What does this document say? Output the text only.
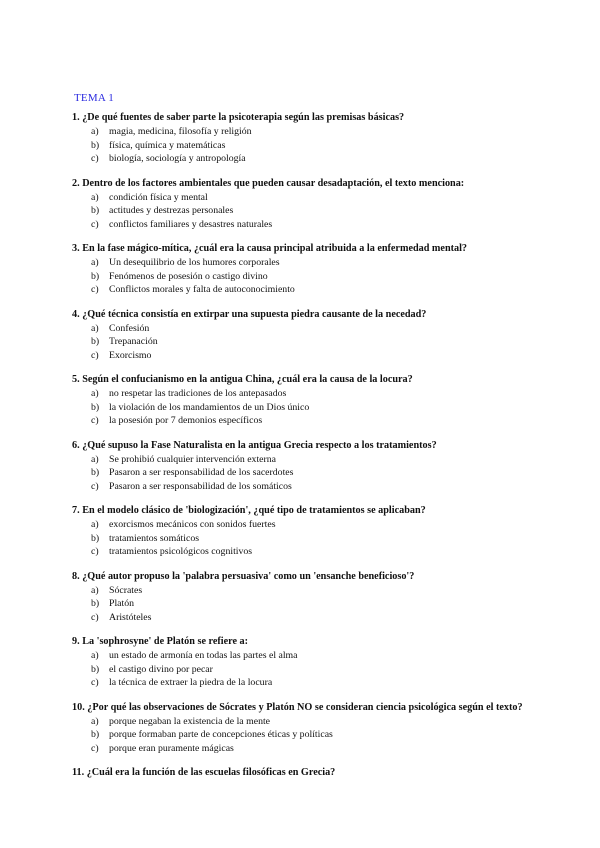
TEMA 1
1. ¿De qué fuentes de saber parte la psicoterapia según las premisas básicas?
a)	magia, medicina, filosofía y religión
b)	física, química y matemáticas
c)	biología, sociología y antropología
2. Dentro de los factores ambientales que pueden causar desadaptación, el texto menciona:
a)	condición física y mental
b)	actitudes y destrezas personales
c)	conflictos familiares y desastres naturales
3. En la fase mágico-mítica, ¿cuál era la causa principal atribuida a la enfermedad mental?
a)	Un desequilibrio de los humores corporales
b)	Fenómenos de posesión o castigo divino
c)	Conflictos morales y falta de autoconocimiento
4. ¿Qué técnica consistía en extirpar una supuesta piedra causante de la necedad?
a)	Confesión
b)	Trepanación
c)	Exorcismo
5. Según el confucianismo en la antigua China, ¿cuál era la causa de la locura?
a)	no respetar las tradiciones de los antepasados
b)	la violación de los mandamientos de un Dios único
c)	la posesión por 7 demonios específicos
6. ¿Qué supuso la Fase Naturalista en la antigua Grecia respecto a los tratamientos?
a)	Se prohibió cualquier intervención externa
b)	Pasaron a ser responsabilidad de los sacerdotes
c)	Pasaron a ser responsabilidad de los somáticos
7. En el modelo clásico de 'biologización', ¿qué tipo de tratamientos se aplicaban?
a)	exorcismos mecánicos con sonidos fuertes
b)	tratamientos somáticos
c)	tratamientos psicológicos cognitivos
8. ¿Qué autor propuso la 'palabra persuasiva' como un 'ensanche beneficioso'?
a)	Sócrates
b)	Platón
c)	Aristóteles
9. La 'sophrosyne' de Platón se refiere a:
a)	un estado de armonía en todas las partes el alma
b)	el castigo divino por pecar
c)	la técnica de extraer la piedra de la locura
10. ¿Por qué las observaciones de Sócrates y Platón NO se consideran ciencia psicológica según el texto?
a)	porque negaban la existencia de la mente
b)	porque formaban parte de concepciones éticas y políticas
c)	porque eran puramente mágicas
11. ¿Cuál era la función de las escuelas filosóficas en Grecia?
